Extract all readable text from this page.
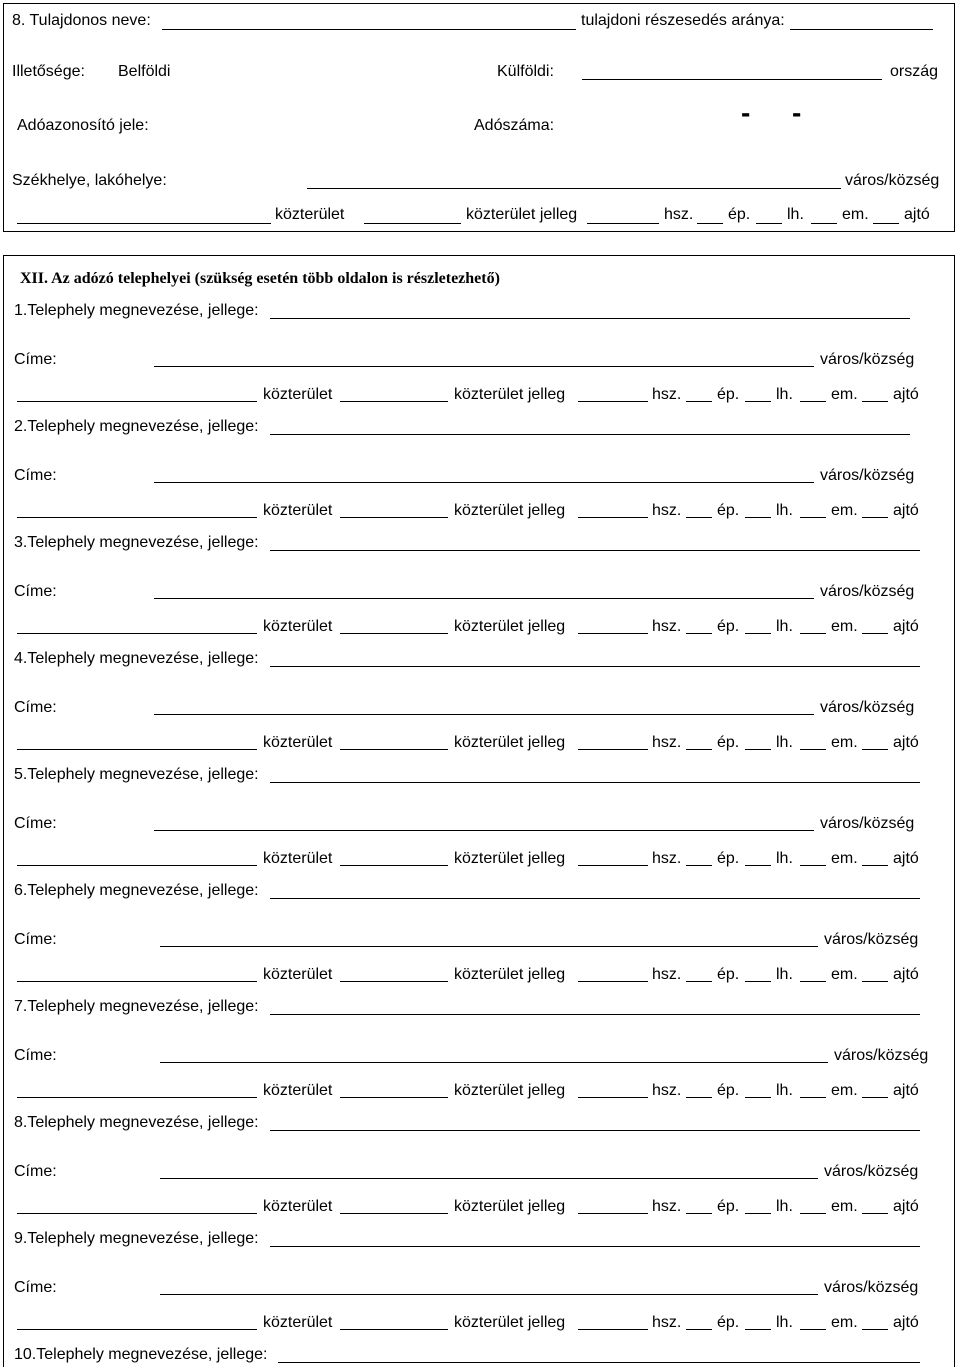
8. Tulajdonos neve:	tulajdoni részesedés aránya:
Illetősége: Belföldi	Külföldi:	ország
Adóazonosító jele:	Adószáma:	- -
Székhelye, lakóhelye:	város/község
közterület	közterület jelleg	hsz. ép. lh. em. ajtó
XII. Az adózó telephelyei (szükség esetén több oldalon is részletezhető)
1.Telephely megnevezése, jellege:
Címe:	város/község
közterület	közterület jelleg	hsz. ép. lh. em. ajtó
2.Telephely megnevezése, jellege:
Címe:	város/község
közterület	közterület jelleg	hsz. ép. lh. em. ajtó
3.Telephely megnevezése, jellege:
Címe:	város/község
közterület	közterület jelleg	hsz. ép. lh. em. ajtó
4.Telephely megnevezése, jellege:
Címe:	város/község
közterület	közterület jelleg	hsz. ép. lh. em. ajtó
5.Telephely megnevezése, jellege:
Címe:	város/község
közterület	közterület jelleg	hsz. ép. lh. em. ajtó
6.Telephely megnevezése, jellege:
Címe:	város/község
közterület	közterület jelleg	hsz. ép. lh. em. ajtó
7.Telephely megnevezése, jellege:
Címe:	város/község
közterület	közterület jelleg	hsz. ép. lh. em. ajtó
8.Telephely megnevezése, jellege:
Címe:	város/község
közterület	közterület jelleg	hsz. ép. lh. em. ajtó
9.Telephely megnevezése, jellege:
Címe:	város/község
közterület	közterület jelleg	hsz. ép. lh. em. ajtó
10.Telephely megnevezése, jellege:
